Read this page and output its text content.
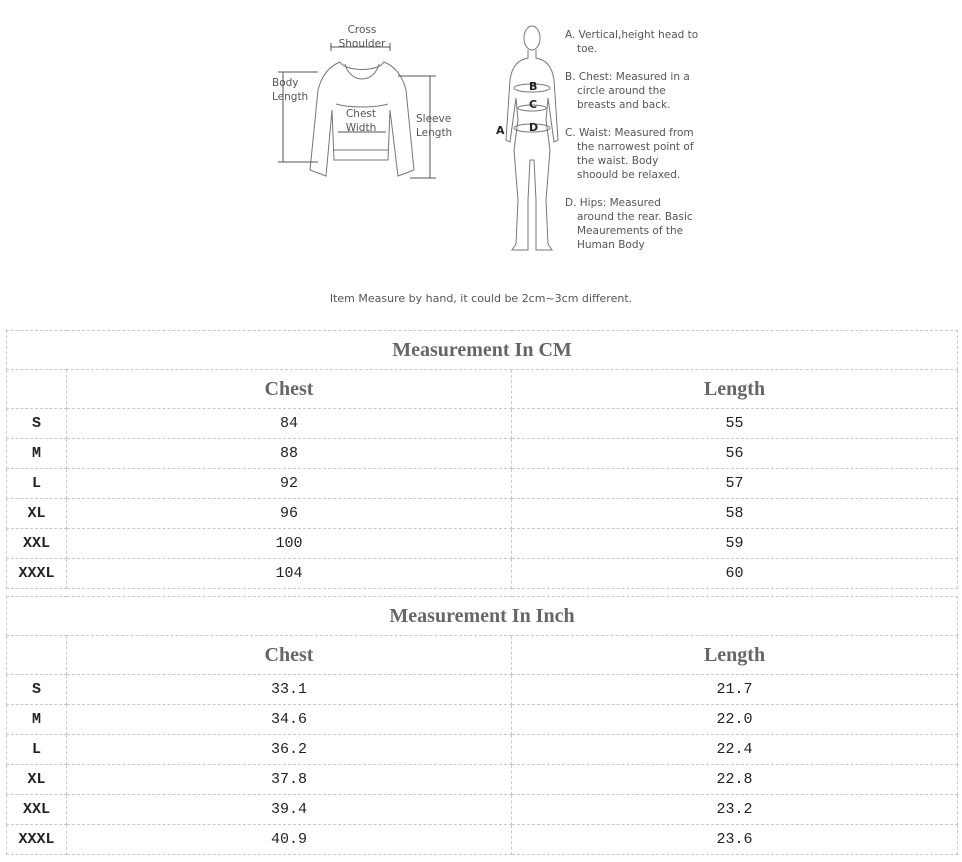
Cross
Shoulder
Body
Length
Chest
Width
Sleeve
Length	A
B
C
D
A. Vertical,height head to toe.
B. Chest: Measured in a circle around the breasts and back.
C. Waist: Measured from the narrowest point of the waist. Body shoould be relaxed.
D. Hips: Measured around the rear. Basic Meaurements of the Human Body
Item Measure by hand, it could be 2cm~3cm different.
Measurement In CM		
	Chest	Length
S	84	55
M	88	56
L	92	57
XL	96	58
XXL	100	59
XXXL	104	60
Measurement In Inch		
	Chest	Length
S	33.1	21.7
M	34.6	22.0
L	36.2	22.4
XL	37.8	22.8
XXL	39.4	23.2
XXXL	40.9	23.6
